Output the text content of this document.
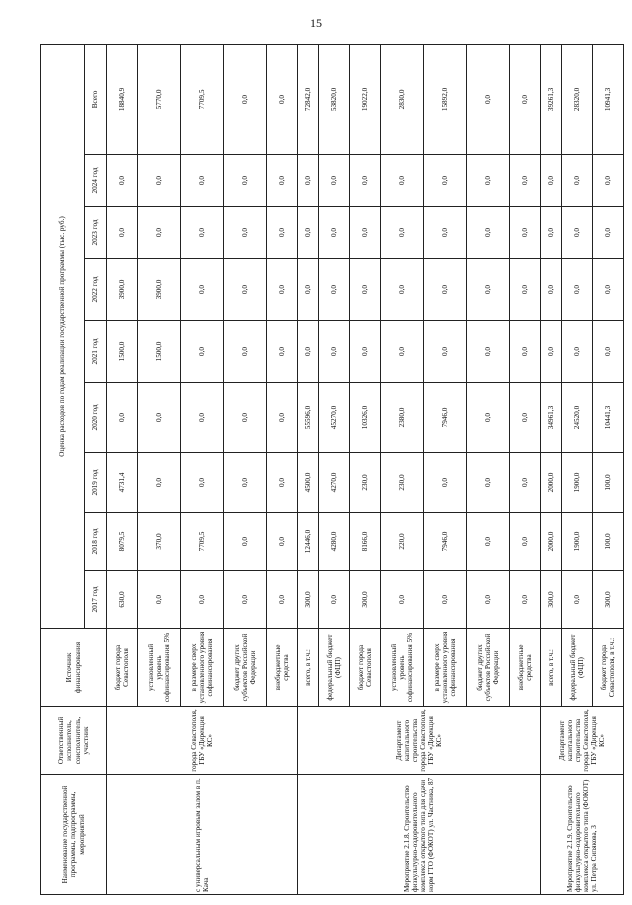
15
Наименование государственной программы, подпрограммы, мероприятий	Ответственный исполнитель, соисполнитель, участник	Источник финансирования	Оценка расходов по годам реализации государственной программы (тыс. руб.)								
			2017 год	2018 год	2019 год	2020 год	2021 год	2022 год	2023 год	2024 год	Всего
с универсальным игровым залом в п. Кача	города Севастополя, ГБУ «Дирекция КС»	бюджет города Севастополя	630,0	8079,5	4731,4	0,0	1500,0	3900,0	0,0	0,0	18840,9
		установленный уровень софинансирования 5%	0,0	370,0	0,0	0,0	1500,0	3900,0	0,0	0,0	5770,0
		в размере сверх установленного уровня софинансирования	0,0	7709,5	0,0	0,0	0,0	0,0	0,0	0,0	7709,5
		бюджет других субъектов Российской Федерации	0,0	0,0	0,0	0,0	0,0	0,0	0,0	0,0	0,0
		внебюджетные средства	0,0	0,0	0,0	0,0	0,0	0,0	0,0	0,0	0,0
Мероприятие 2.1.8. Строительство физкультурно-оздоровительного комплекса открытого типа для сдачи норм ГТО (ФОКОТ) ул. Частника, 87	Департамент капитального строительства города Севастополя, ГБУ «Дирекция КС»	всего, в т.ч.:	300,0	12446,0	4500,0	55596,0	0,0	0,0	0,0	0,0	72842,0
		федеральный бюджет (ФЦП)	0,0	4280,0	4270,0	45270,0	0,0	0,0	0,0	0,0	53820,0
		бюджет города Севастополя	300,0	8166,0	230,0	10326,0	0,0	0,0	0,0	0,0	19022,0
		установленный уровень софинансирования 5%	0,0	220,0	230,0	2380,0	0,0	0,0	0,0	0,0	2830,0
		в размере сверх установленного уровня софинансирования	0,0	7946,0	0,0	7946,0	0,0	0,0	0,0	0,0	15892,0
		бюджет других субъектов Российской Федерации	0,0	0,0	0,0	0,0	0,0	0,0	0,0	0,0	0,0
		внебюджетные средства	0,0	0,0	0,0	0,0	0,0	0,0	0,0	0,0	0,0
Мероприятие 2.1.9. Строительство физкультурно-оздоровительного комплекса открытого типа (ФОКОТ) ул. Петра Сипякова, 3	Департамент капитального строительства города Севастополя, ГБУ «Дирекция КС»	всего, в т.ч.:	300,0	2000,0	2000,0	34961,3	0,0	0,0	0,0	0,0	39261,3
		федеральный бюджет (ФЦП)	0,0	1900,0	1900,0	24520,0	0,0	0,0	0,0	0,0	28320,0
		бюджет города Севастополя, в т.ч.:	300,0	100,0	100,0	10441,3	0,0	0,0	0,0	0,0	10941,3
